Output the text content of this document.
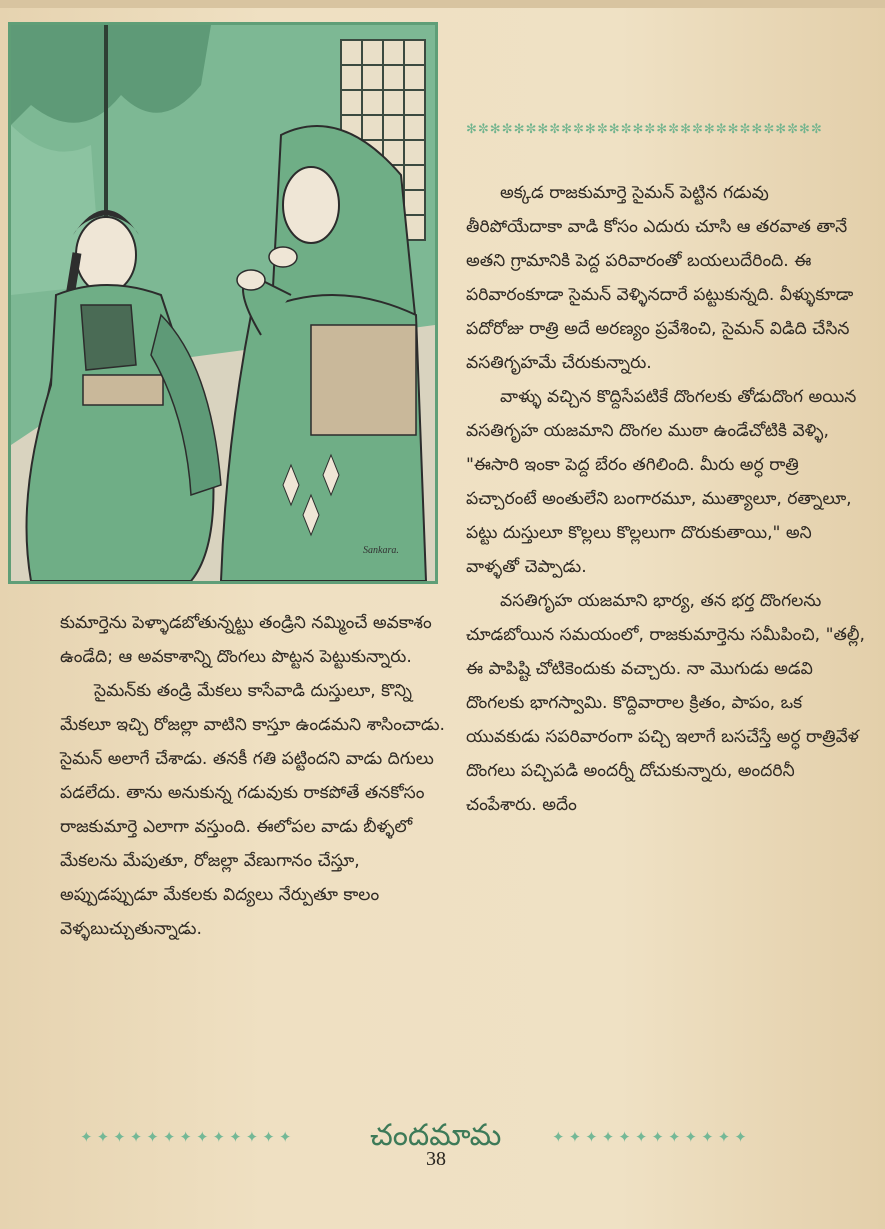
Sankara.
✻✼✻✼✻✼✻✼✻✼✻✼✻✼✻✼✻✼✻✼✻✼✻✼✻✼✻✼✻✼

అక్కడ రాజకుమార్తె సైమన్ పెట్టిన గడువు తీరిపోయేదాకా వాడి కోసం ఎదురు చూసి ఆ తరవాత తానే అతని గ్రామానికి పెద్ద పరివారంతో బయలుదేరింది. ఈ పరివారంకూడా సైమన్ వెళ్ళినదారే పట్టుకున్నది. వీళ్ళుకూడా పదోరోజు రాత్రి అదే అరణ్యం ప్రవేశించి, సైమన్ విడిది చేసిన వసతిగృహమే చేరుకున్నారు.

వాళ్ళు వచ్చిన కొద్దిసేపటికే దొంగలకు తోడుదొంగ అయిన వసతిగృహ యజమాని దొంగల ముఠా ఉండేచోటికి వెళ్ళి, "ఈసారి ఇంకా పెద్ద బేరం తగిలింది. మీరు అర్ధ రాత్రి పచ్చారంటే అంతులేని బంగారమూ, ముత్యాలూ, రత్నాలూ, పట్టు దుస్తులూ కొల్లలు కొల్లలుగా దొరుకుతాయి," అని వాళ్ళతో చెప్పాడు.

వసతిగృహ యజమాని భార్య, తన భర్త దొంగలను చూడబోయిన సమయంలో, రాజకుమార్తెను సమీపించి, "తల్లీ, ఈ పాపిష్టి చోటికెందుకు వచ్చారు. నా మొగుడు అడవి దొంగలకు భాగస్వామి. కొద్దివారాల క్రితం, పాపం, ఒక యువకుడు సపరివారంగా పచ్చి ఇలాగే బసచేస్తే అర్ధ రాత్రివేళ దొంగలు పచ్చిపడి అందర్నీ దోచుకున్నారు, అందరినీ చంపేశారు. అదేం

కుమార్తెను పెళ్ళాడబోతున్నట్టు తండ్రిని నమ్మించే అవకాశం ఉండేది; ఆ అవకాశాన్ని దొంగలు పొట్టన పెట్టుకున్నారు.

సైమన్‌కు తండ్రి మేకలు కాసేవాడి దుస్తులూ, కొన్ని మేకలూ ఇచ్చి రోజల్లా వాటిని కాస్తూ ఉండమని శాసించాడు. సైమన్ అలాగే చేశాడు. తనకీ గతి పట్టిందని వాడు దిగులు పడలేదు. తాను అనుకున్న గడువుకు రాకపోతే తనకోసం రాజకుమార్తె ఎలాగా వస్తుంది. ఈలోపల వాడు బీళ్ళలో మేకలను మేపుతూ, రోజల్లా వేణుగానం చేస్తూ, అప్పుడప్పుడూ మేకలకు విద్యలు నేర్పుతూ కాలం వెళ్ళబుచ్చుతున్నాడు.

✦✦✦✦✦✦✦✦✦✦✦✦✦ చందమామ	✦✦✦✦✦✦✦✦✦✦✦✦
38
